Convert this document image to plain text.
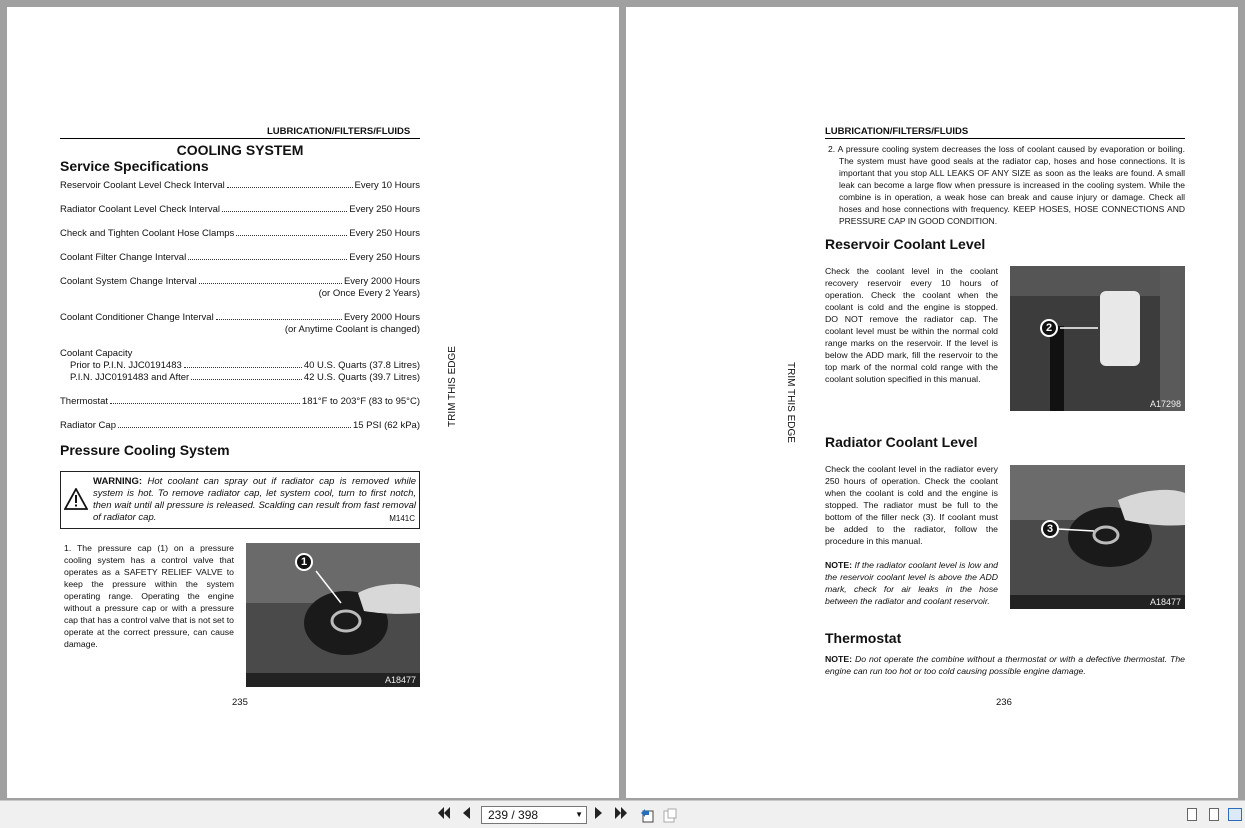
LUBRICATION/FILTERS/FLUIDS
COOLING SYSTEM
Service Specifications
Reservoir Coolant Level Check Interval	Every 10 Hours
Radiator Coolant Level Check Interval	Every 250 Hours
Check and Tighten Coolant Hose Clamps	Every 250 Hours
Coolant Filter Change Interval	Every 250 Hours
Coolant System Change Interval	Every 2000 Hours
(or Once Every 2 Years)
Coolant Conditioner Change Interval	Every 2000 Hours
(or Anytime Coolant is changed)
Coolant Capacity
Prior to P.I.N. JJC0191483	40 U.S. Quarts (37.8 Litres)
P.I.N. JJC0191483 and After	42 U.S. Quarts (39.7 Litres)
Thermostat	181°F to 203°F (83 to 95°C)
Radiator Cap	15 PSI (62 kPa)
Pressure Cooling System
WARNING: Hot coolant can spray out if radiator cap is removed while system is hot. To remove radiator cap, let system cool, turn to first notch, then wait until all pressure is released. Scalding can result from fast removal of radiator cap.	M141C
1. The pressure cap (1) on a pressure cooling system has a control valve that operates as a SAFETY RELIEF VALVE to keep the pressure within the system operating range. Operating the engine without a pressure cap or with a pressure cap that has a control valve that is not set to operate at the correct pressure, can cause damage.
1
A18477
235
TRIM THIS EDGE
LUBRICATION/FILTERS/FLUIDS
2. A pressure cooling system decreases the loss of coolant caused by evaporation or boiling. The system must have good seals at the radiator cap, hoses and hose connections. It is important that you stop ALL LEAKS OF ANY SIZE as soon as the leaks are found. A small leak can become a large flow when pressure is increased in the cooling system. While the combine is in operation, a weak hose can break and cause injury or damage. Check all hoses and hose connections with frequency. KEEP HOSES, HOSE CONNECTIONS AND PRESSURE CAP IN GOOD CONDITION.
Reservoir Coolant Level
Check the coolant level in the coolant recovery reservoir every 10 hours of operation. Check the coolant when the coolant is cold and the engine is stopped. DO NOT remove the radiator cap. The coolant level must be within the normal cold range marks on the reservoir. If the level is below the ADD mark, fill the reservoir to the top mark of the normal cold range with the coolant solution specified in this manual.
2
A17298
Radiator Coolant Level
Check the coolant level in the radiator every 250 hours of operation. Check the coolant when the coolant is cold and the engine is stopped. The radiator must be full to the bottom of the filler neck (3). If coolant must be added to the radiator, follow the procedure in this manual.
NOTE: If the radiator coolant level is low and the reservoir coolant level is above the ADD mark, check for air leaks in the hose between the radiator and coolant reservoir.
3
A18477
Thermostat
NOTE: Do not operate the combine without a thermostat or with a defective thermostat. The engine can run too hot or too cold causing possible engine damage.
236
TRIM THIS EDGE
239 / 398	▼
